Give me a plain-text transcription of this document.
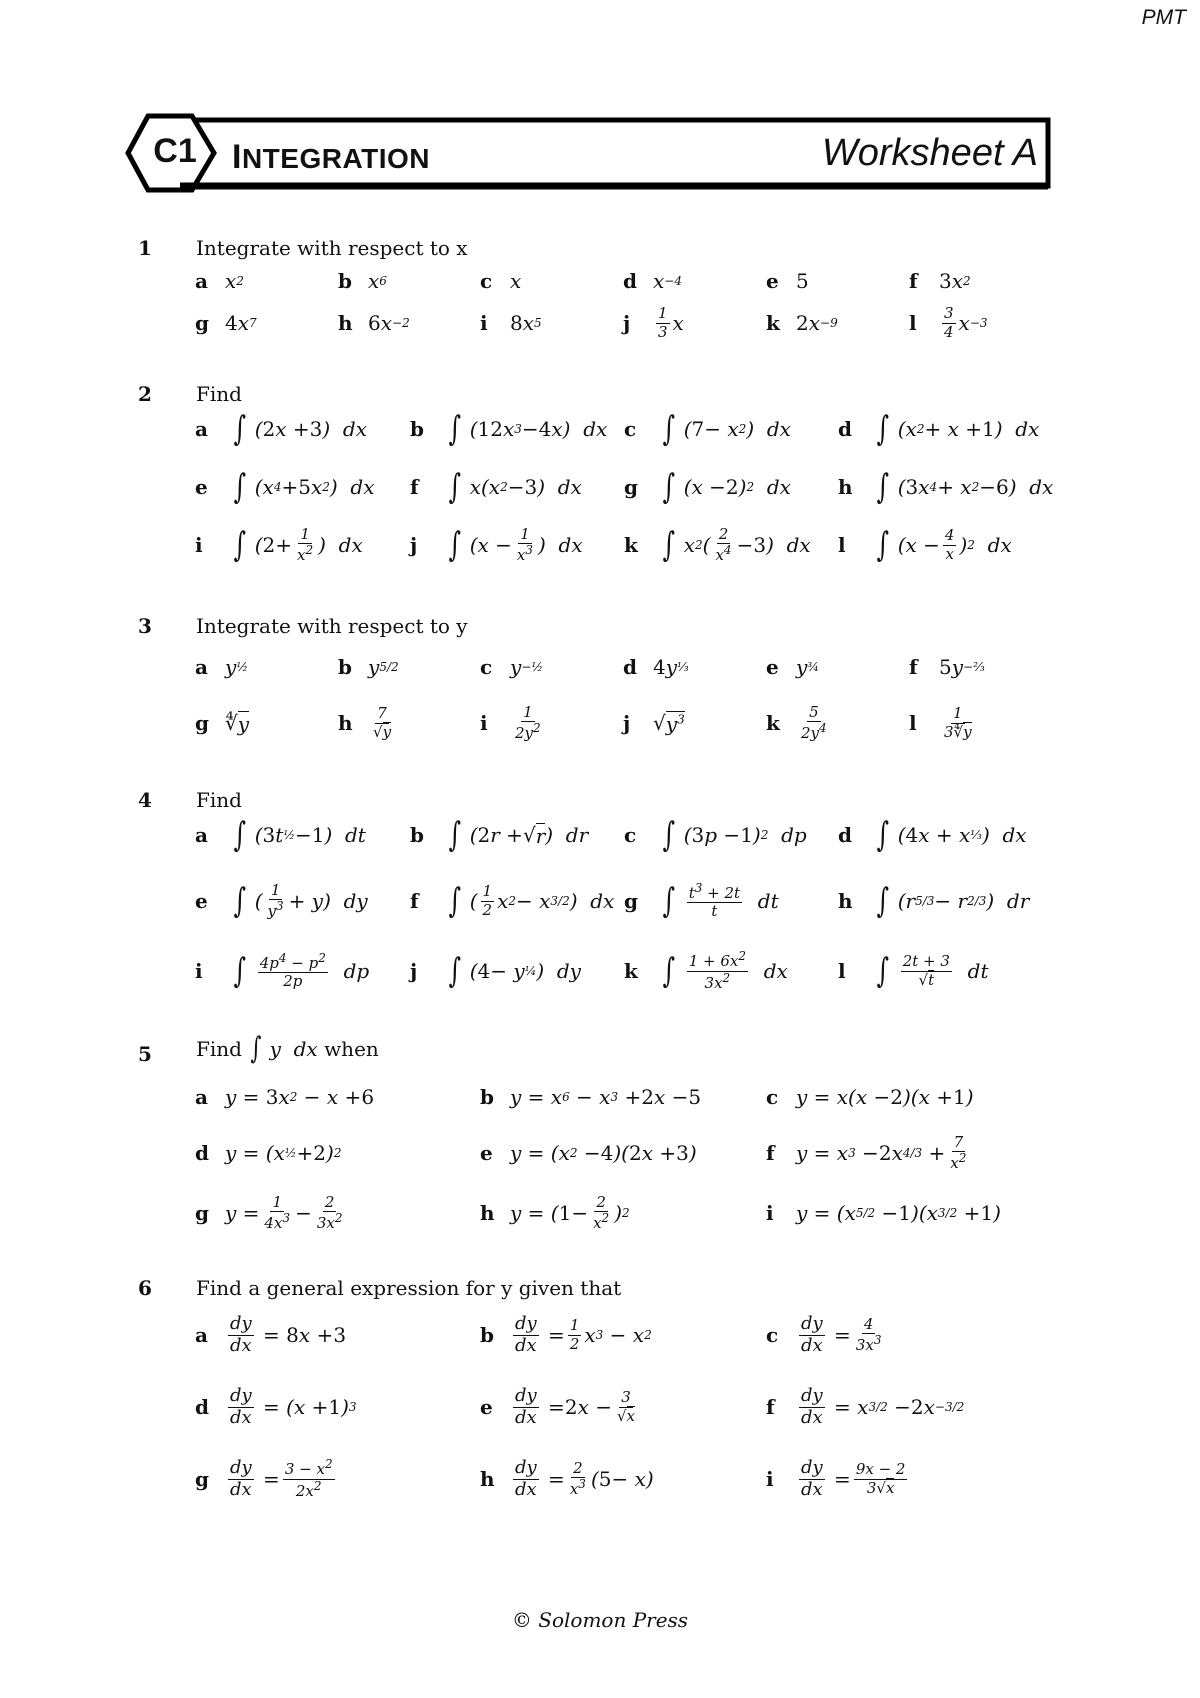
PMT
C1	INTEGRATION	Worksheet A
1 Integrate with respect to x
a x 2	b x 6	c x	d x −4	e 5	f	3 x 2
g 4 x 7	h 6 x −2	i	8 x 5	j	$\frac{1}{3}$ x	k 2 x −9	l	$\frac{3}{4}$ x −3
2 Find
a ∫ ( 2 x + 3 )  dx b ∫ ( 12 x 3 − 4 x)  dx c ∫ ( 7 − x 2 )  dx d ∫ (x 2 + x + 1 )  dx
e ∫ (x 4 + 5 x 2 )  dx f ∫ x(x 2 − 3 )  dx g ∫ (x − 2 ) 2 dx h ∫ ( 3 x 4 + x 2 − 6 )  dx
i ∫ ( $2 + \frac{1}{x^2}$ )  dx j ∫ ($x - \frac{1}{x^3}$ )  dx k ∫ x 2 ( $\frac{2}{x^4} - 3$ )  dx l ∫ ($x - \frac{4}{x}$ ) 2 dx
3 Integrate with respect to y
a y ½	b y 5/2	c y −½	d 4 y ⅓	e y ¾	f	5 y −⅔
g ∜ y	h	$\frac{7}{√y}$	i	$\frac{1}{2y^2}$	j	√ $y^3$	k	$\frac{5}{2y^4}$	l	$\frac{1}{3∜y}$
4 Find
a ∫ ( 3 t ½ − 1 )  dt b ∫ ( 2 r + √ r )  dr c ∫ ( 3 p − 1 ) 2 dp d ∫ ( 4 x + x ⅓ )  dx
e ∫ ( $\frac{1}{y^3} + y$)  dy f ∫ ( $\frac{1}{2}$ x 2 − x 3/2 )  dx g ∫ $\frac{t^3 + 2t}{t}$ dt	h ∫ (r 5/3 − r 2/3 )  dr
i ∫ $\frac{4p^4 - p^2}{2p}$ dp j ∫ ( 4 − y ¼ )  dy k ∫ $\frac{1 + 6x^2}{3x^2}$ dx	l ∫ $\frac{2t + 3}{√t}$ dt
5 Find ∫ y  dx when
a y = 3 x 2 − x + 6	b y = x 6 − x 3 + 2 x − 5	c y = x(x − 2 )(x + 1 )
d y = (x ½ + 2 ) 2	e y = (x 2 − 4 )( 2 x + 3 )	f	y = x 3 − 2 x $4/3 + \frac{7}{x^2}$
g $y = \frac{1}{4x^3} - \frac{2}{3x^2}$	h y = ( $1 - \frac{2}{x^2}$ ) 2	i	y = (x 5/2 − 1 )(x 3/2 + 1 )
6 Find a general expression for y given that
a	$\frac{dy}{dx} = 8$ x + 3	b	$\frac{dy}{dx} = \frac{1}{2}$ x 3 − x 2	c	$\frac{dy}{dx} = \frac{4}{3x^3}$
d	$\frac{dy}{dx} = (x + 1$ ) 3	e	$\frac{dy}{dx} = 2$ $x - \frac{3}{√x}$	f	$\frac{dy}{dx} = x$ 3/2 − 2 x −3/2
g	$\frac{dy}{dx} = \frac{3 - x^2}{2x^2}$	h	$\frac{dy}{dx} = \frac{2}{x^3}$ ( 5 − x)	i	$\frac{dy}{dx} = \frac{9x - 2}{3√x}$
© Solomon Press
